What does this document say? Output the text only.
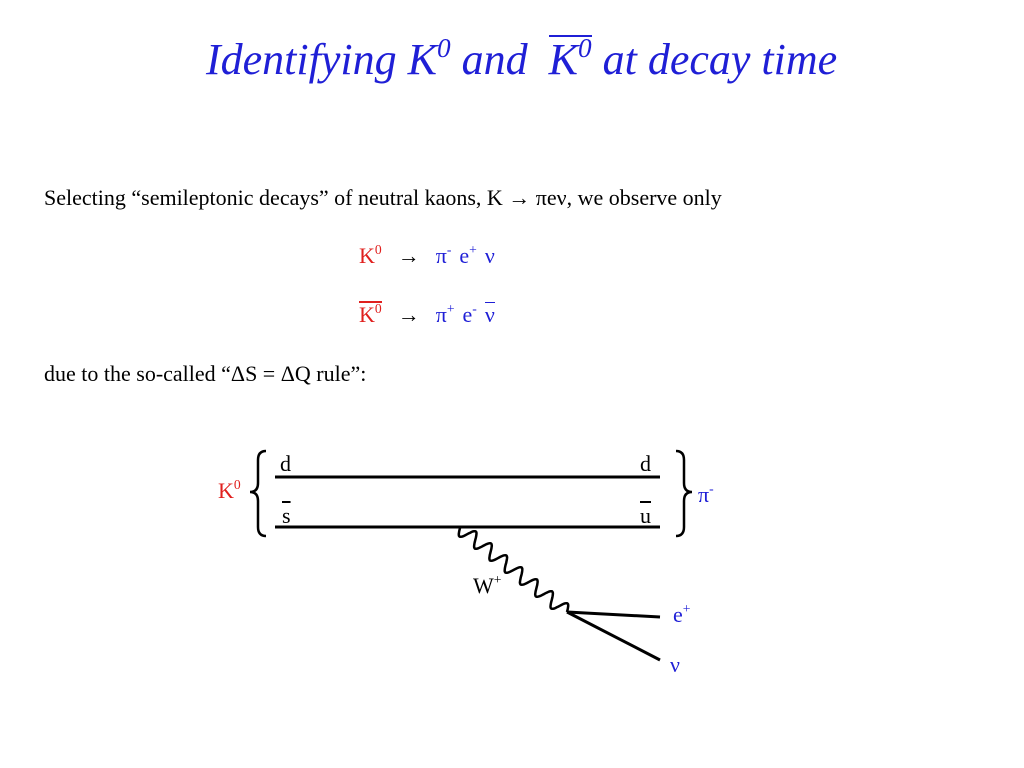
Identifying $K^0$ and $K^0$ at decay time
Selecting “semileptonic decays” of neutral kaons, K → πeν, we observe only
$K^0 \to \pi^-$ e+ ν
$K^0 \to \pi^+$ e- ν
due to the so-called “ΔS = ΔQ rule”:
d	d
$\overline{s}$	$\overline{u}$
$K^0$	π-
W+
e+
ν
